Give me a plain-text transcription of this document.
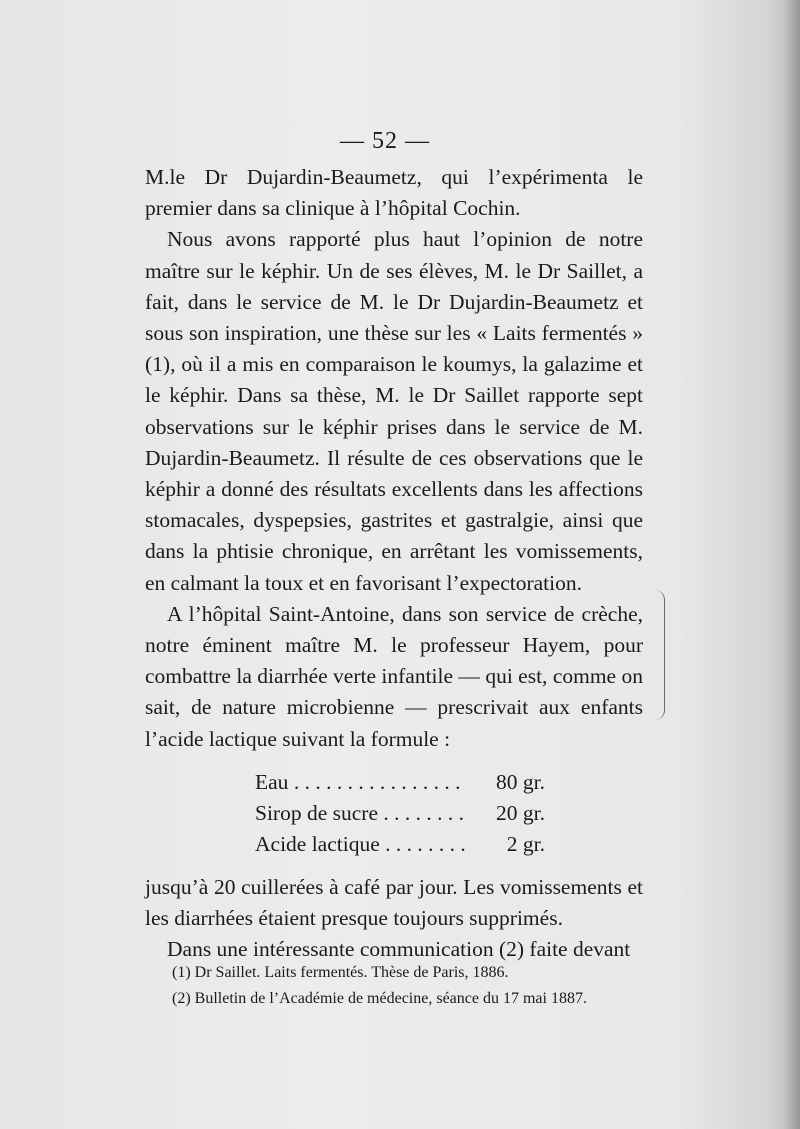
— 52 —

M.le Dr Dujardin-Beaumetz, qui l’expérimenta le premier dans sa clinique à l’hôpital Cochin.

Nous avons rapporté plus haut l’opinion de notre maître sur le képhir. Un de ses élèves, M. le Dr Saillet, a fait, dans le service de M. le Dr Dujardin-Beaumetz et sous son inspiration, une thèse sur les « Laits fermentés » (1), où il a mis en comparaison le koumys, la galazime et le képhir. Dans sa thèse, M. le Dr Saillet rapporte sept observations sur le képhir prises dans le service de M. Dujardin-Beaumetz. Il résulte de ces observations que le képhir a donné des résultats excellents dans les affections stomacales, dyspepsies, gastrites et gastralgie, ainsi que dans la phtisie chronique, en arrêtant les vomissements, en calmant la toux et en favorisant l’expectoration.

A l’hôpital Saint-Antoine, dans son service de crèche, notre éminent maître M. le professeur Hayem, pour combattre la diarrhée verte infantile — qui est, comme on sait, de nature microbienne — prescrivait aux enfants l’acide lactique suivant la formule :

Eau . . .	80 gr.
Sirop de sucre . . .	20 gr.
Acide lactique . . .	2 gr.

jusqu’à 20 cuillerées à café par jour. Les vomissements et les diarrhées étaient presque toujours supprimés.

Dans une intéressante communication (2) faite devant

(1) Dr Saillet. Laits fermentés. Thèse de Paris, 1886.
(2) Bulletin de l’Académie de médecine, séance du 17 mai 1887.
